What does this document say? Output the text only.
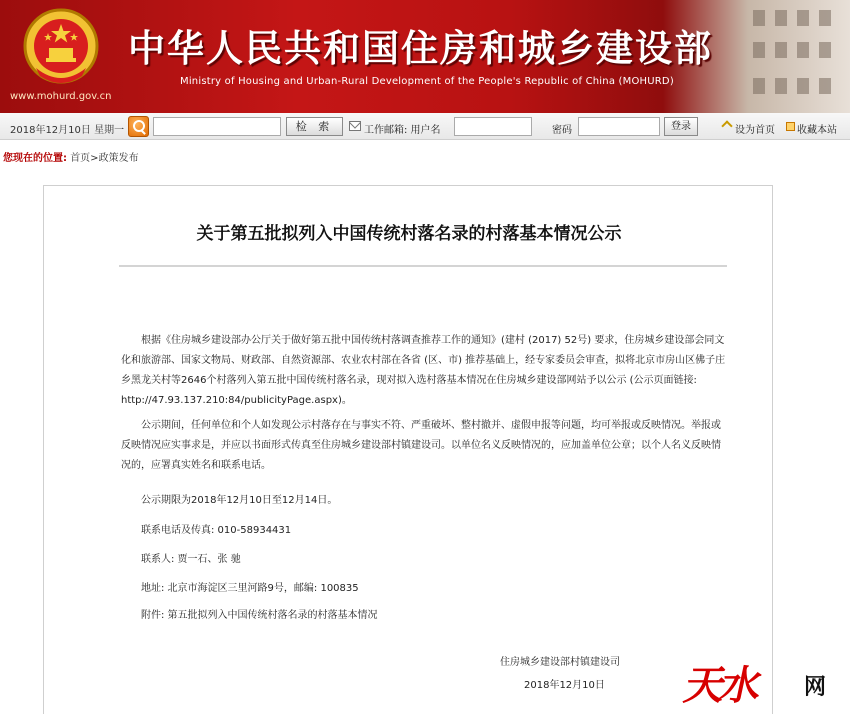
www.mohurd.gov.cn
中华人民共和国住房和城乡建设部
Ministry of Housing and Urban-Rural Development of the People's Republic of China (MOHURD)
2018年12月10日 星期一	检 索	工作邮箱: 用户名	密码	登录	设为首页 收藏本站
您现在的位置: 首页>政策发布
关于第五批拟列入中国传统村落名录的村落基本情况公示
根据《住房城乡建设部办公厅关于做好第五批中国传统村落调查推荐工作的通知》(建村 (2017) 52号) 要求，住房城乡建设部会同文化和旅游部、国家文物局、财政部、自然资源部、农业农村部在各省 (区、市) 推荐基础上，经专家委员会审查，拟将北京市房山区佛子庄乡黑龙关村等2646个村落列入第五批中国传统村落名录，现对拟入选村落基本情况在住房城乡建设部网站予以公示 (公示页面链接: http://47.93.137.210:84/publicityPage.aspx)。
公示期间，任何单位和个人如发现公示村落存在与事实不符、严重破坏、整村撤并、虚假申报等问题，均可举报或反映情况。举报或反映情况应实事求是，并应以书面形式传真至住房城乡建设部村镇建设司。以单位名义反映情况的，应加盖单位公章；以个人名义反映情况的，应署真实姓名和联系电话。
公示期限为2018年12月10日至12月14日。
联系电话及传真: 010-58934431
联系人: 贾一石、张 驰
地址: 北京市海淀区三里河路9号，邮编: 100835
附件: 第五批拟列入中国传统村落名录的村落基本情况
住房城乡建设部村镇建设司
2018年12月10日 天水 网
